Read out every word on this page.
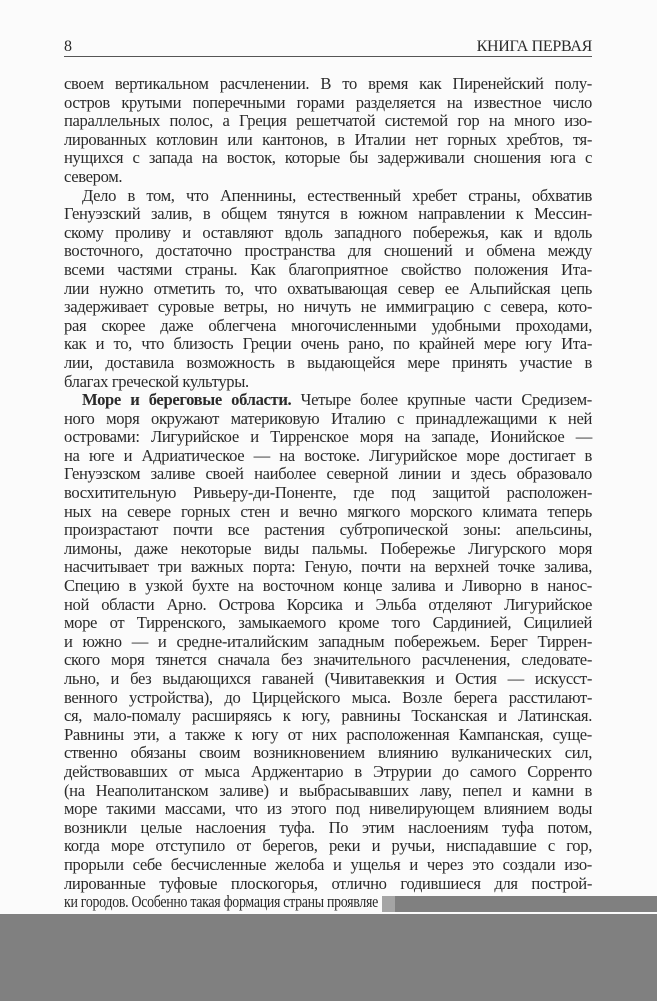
8	КНИГА ПЕРВАЯ
своем вертикальном расчленении. В то время как Пиренейский полу-
остров крутыми поперечными горами разделяется на известное число
параллельных полос, а Греция решетчатой системой гор на много изо-
лированных котловин или кантонов, в Италии нет горных хребтов, тя-
нущихся с запада на восток, которые бы задерживали сношения юга с
севером.
Дело в том, что Апеннины, естественный хребет страны, обхватив
Генуэзский залив, в общем тянутся в южном направлении к Мессин-
скому проливу и оставляют вдоль западного побережья, как и вдоль
восточного, достаточно пространства для сношений и обмена между
всеми частями страны. Как благоприятное свойство положения Ита-
лии нужно отметить то, что охватывающая север ее Альпийская цепь
задерживает суровые ветры, но ничуть не иммиграцию с севера, кото-
рая скорее даже облегчена многочисленными удобными проходами,
как и то, что близость Греции очень рано, по крайней мере югу Ита-
лии, доставила возможность в выдающейся мере принять участие в
благах греческой культуры.
Море и береговые области. Четыре более крупные части Средизем-
ного моря окружают материковую Италию с принадлежащими к ней
островами: Лигурийское и Тирренское моря на западе, Ионийское —
на юге и Адриатическое — на востоке. Лигурийское море достигает в
Генуэзском заливе своей наиболее северной линии и здесь образовало
восхитительную Ривьеру-ди-Поненте, где под защитой расположен-
ных на севере горных стен и вечно мягкого морского климата теперь
произрастают почти все растения субтропической зоны: апельсины,
лимоны, даже некоторые виды пальмы. Побережье Лигурского моря
насчитывает три важных порта: Геную, почти на верхней точке залива,
Специю в узкой бухте на восточном конце залива и Ливорно в нанос-
ной области Арно. Острова Корсика и Эльба отделяют Лигурийское
море от Тирренского, замыкаемого кроме того Сардинией, Сицилией
и южно — и средне-италийским западным побережьем. Берег Тиррен-
ского моря тянется сначала без значительного расчленения, следовате-
льно, и без выдающихся гаваней (Чивитавеккия и Остия — искусст-
венного устройства), до Цирцейского мыса. Возле берега расстилают-
ся, мало-помалу расширяясь к югу, равнины Тосканская и Латинская.
Равнины эти, а также к югу от них расположенная Кампанская, суще-
ственно обязаны своим возникновением влиянию вулканических сил,
действовавших от мыса Арджентарио в Этрурии до самого Сорренто
(на Неаполитанском заливе) и выбрасывавших лаву, пепел и камни в
море такими массами, что из этого под нивелирующем влиянием воды
возникли целые наслоения туфа. По этим наслоениям туфа потом,
когда море отступило от берегов, реки и ручьи, ниспадавшие с гор,
прорыли себе бесчисленные желоба и ущелья и через это создали изо-
лированные туфовые плоскогорья, отлично годившиеся для построй-
ки городов. Особенно такая формация страны проявляе
